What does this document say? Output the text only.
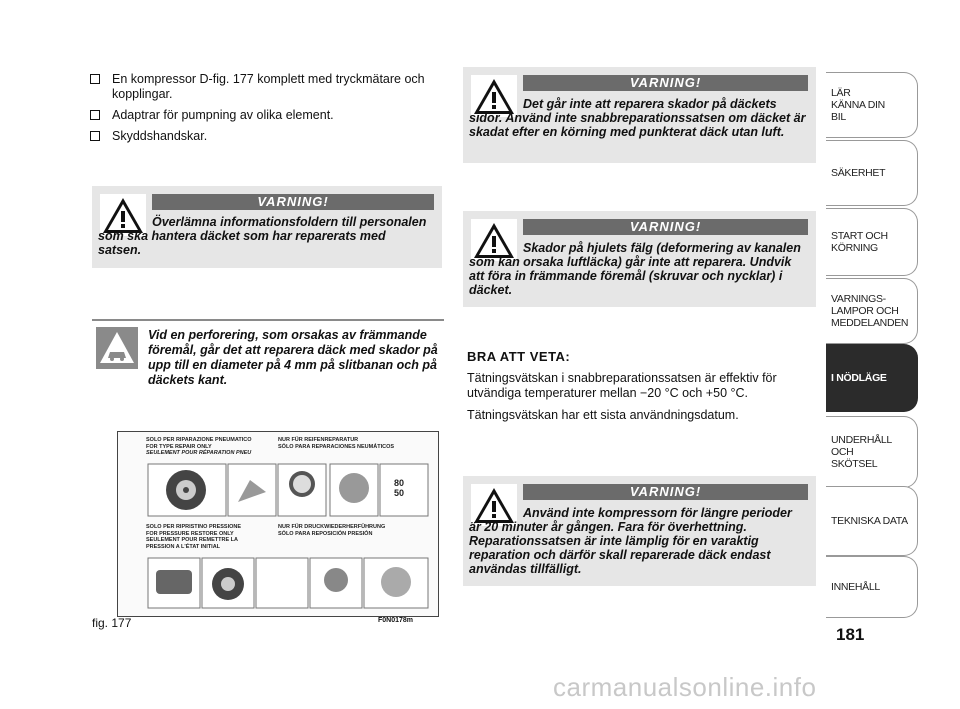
En kompressor D-fig. 177 komplett med tryckmätare och kopplingar.
Adaptrar för pumpning av olika element.
Skyddshandskar.
VARNING!
Överlämna informationsfoldern till personalen som ska hantera däcket som har reparerats med satsen.
Vid en perforering, som orsakas av främmande föremål, går det att reparera däck med skador på upp till en diameter på 4 mm på slitbanan och på däckets kant.
SOLO PER RIPARAZIONE PNEUMATICO
FOR TYPE REPAIR ONLY
SEULEMENT POUR RÉPARATION PNEU
NUR FÜR REIFENREPARATUR
SÓLO PARA REPARACIONES NEUMÁTICOS
80
50
SOLO PER RIPRISTINO PRESSIONE
FOR PRESSURE RESTORE ONLY
SEULEMENT POUR REMETTRE LA PRESSION A L'ÉTAT INITIAL
NUR FÜR DRUCKWIEDERHERFÜHRUNG
SÓLO PARA REPOSICIÓN PRESIÓN
fig. 177	F0N0178m
VARNING!
Det går inte att reparera skador på däckets sidor. Använd inte snabbreparationssatsen om däcket är skadat efter en körning med punkterat däck utan luft.
VARNING!
Skador på hjulets fälg (deformering av kanalen som kan orsaka luftläcka) går inte att reparera. Undvik att föra in främmande föremål (skruvar och nycklar) i däcket.
BRA ATT VETA:

Tätningsvätskan i snabbreparationssatsen är effektiv för utvändiga temperaturer mellan −20 °C och +50 °C.

Tätningsvätskan har ett sista användningsdatum.

VARNING!
Använd inte kompressorn för längre perioder är 20 minuter år gången. Fara för överhettning. Reparationssatsen är inte lämplig för en varaktig reparation och därför skall reparerade däck endast användas tillfälligt.
LÄR KÄNNA DIN BIL
SÄKERHET
START OCH KÖRNING
VARNINGS- LAMPOR OCH MEDDELANDEN
I NÖDLÄGE
UNDERHÅLL OCH SKÖTSEL
TEKNISKA DATA
INNEHÅLL
181
carmanualsonline.info
